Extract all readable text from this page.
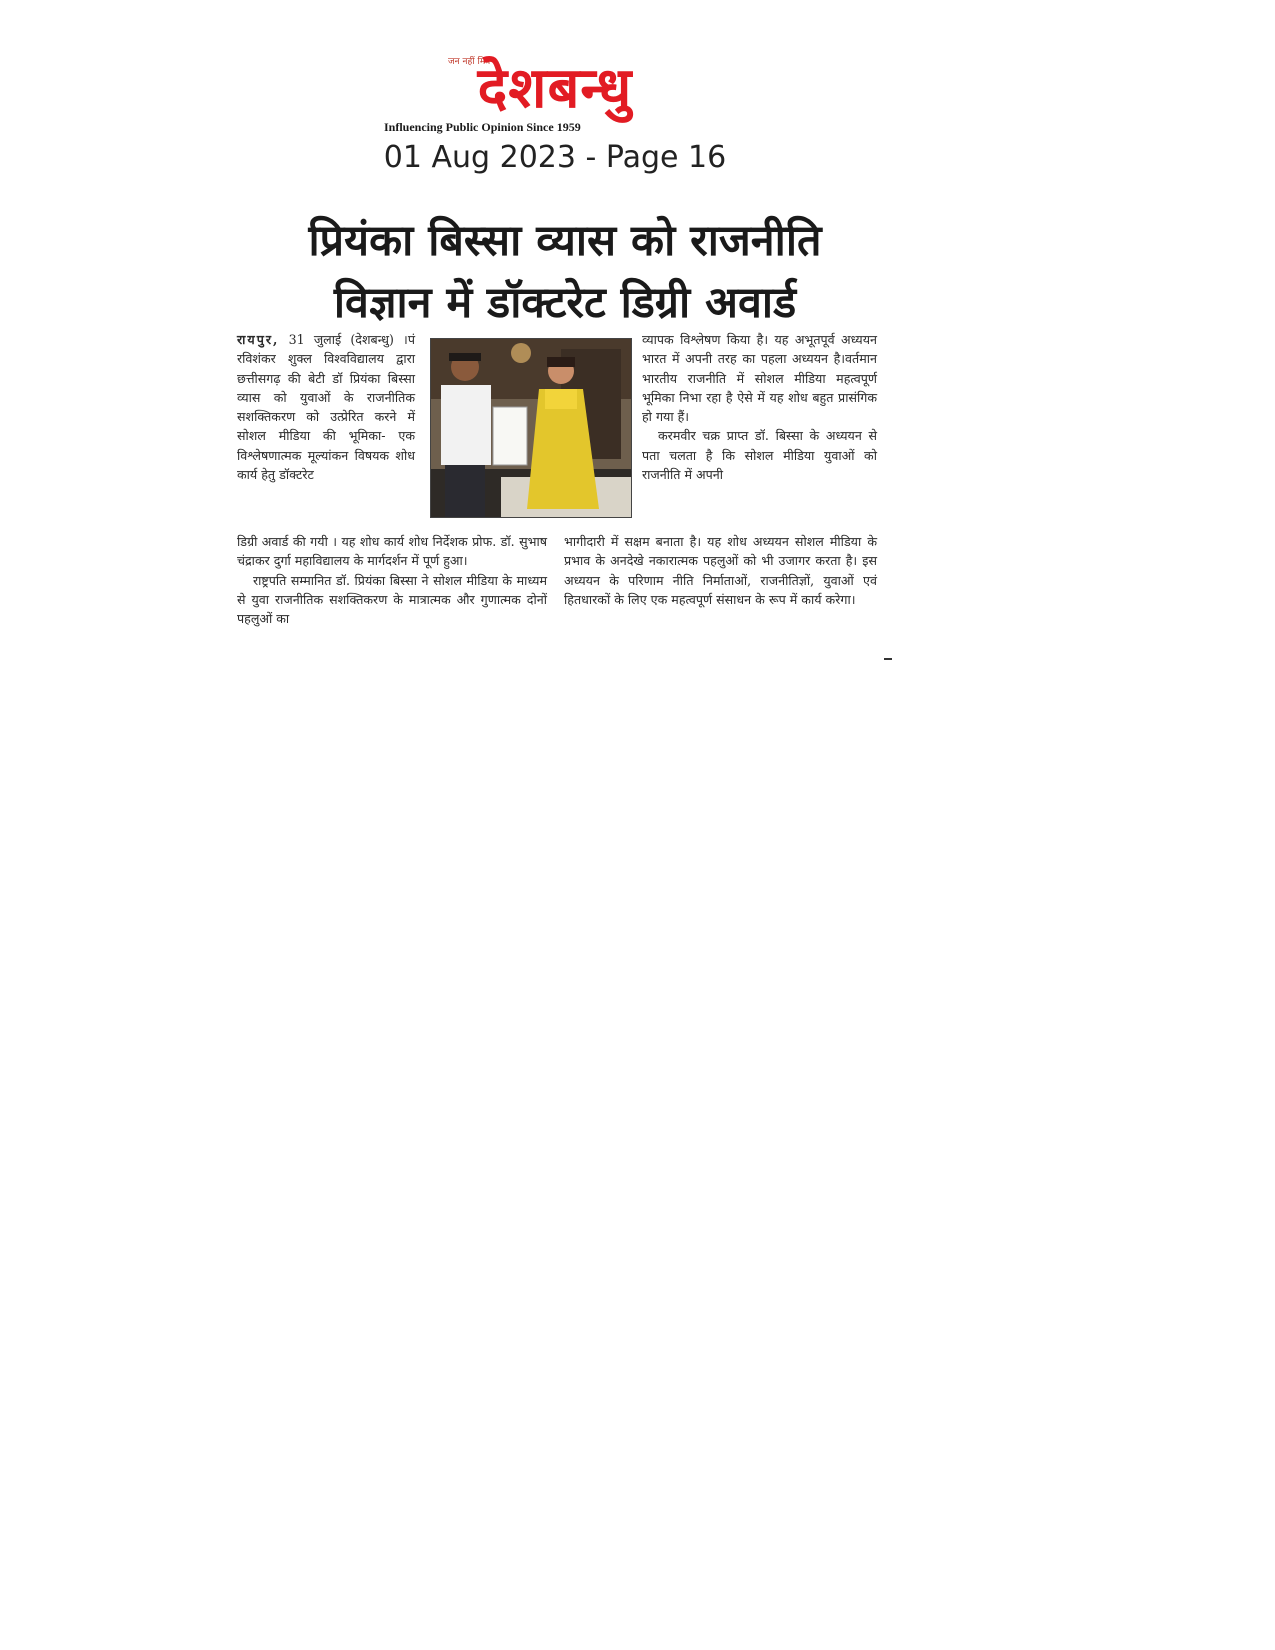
जन नहीं मित्र
देशबन्धु
Influencing Public Opinion Since 1959
01 Aug 2023 - Page 16
प्रियंका बिस्सा व्यास को राजनीति
विज्ञान में डॉक्टरेट डिग्री अवार्ड

रायपुर, 31 जुलाई (देशबन्धु) ।पं रविशंकर शुक्ल विश्वविद्यालय द्वारा छत्तीसगढ़ की बेटी डॉ प्रियंका बिस्सा व्यास को युवाओं के राजनीतिक सशक्तिकरण को उत्प्रेरित करने में सोशल मीडिया की भूमिका- एक विश्लेषणात्मक मूल्यांकन विषयक शोध कार्य हेतु डॉक्टरेट

डिग्री अवार्ड की गयी । यह शोध कार्य शोध निर्देशक प्रोफ. डॉ. सुभाष चंद्राकर दुर्गा महाविद्यालय के मार्गदर्शन में पूर्ण हुआ।

राष्ट्रपति सम्मानित डॉ. प्रियंका बिस्सा ने सोशल मीडिया के माध्यम से युवा राजनीतिक सशक्तिकरण के मात्रात्मक और गुणात्मक दोनों पहलुओं का

व्यापक विश्लेषण किया है। यह अभूतपूर्व अध्ययन भारत में अपनी तरह का पहला अध्ययन है।वर्तमान भारतीय राजनीति में सोशल मीडिया महत्वपूर्ण भूमिका निभा रहा है ऐसे में यह शोध बहुत प्रासंगिक हो गया हैं।

करमवीर चक्र प्राप्त डॉ. बिस्सा के अध्ययन से पता चलता है कि सोशल मीडिया युवाओं को राजनीति में अपनी

भागीदारी में सक्षम बनाता है। यह शोध अध्ययन सोशल मीडिया के प्रभाव के अनदेखे नकारात्मक पहलुओं को भी उजागर करता है। इस अध्ययन के परिणाम नीति निर्माताओं, राजनीतिज्ञों, युवाओं एवं हितधारकों के लिए एक महत्वपूर्ण संसाधन के रूप में कार्य करेगा।
